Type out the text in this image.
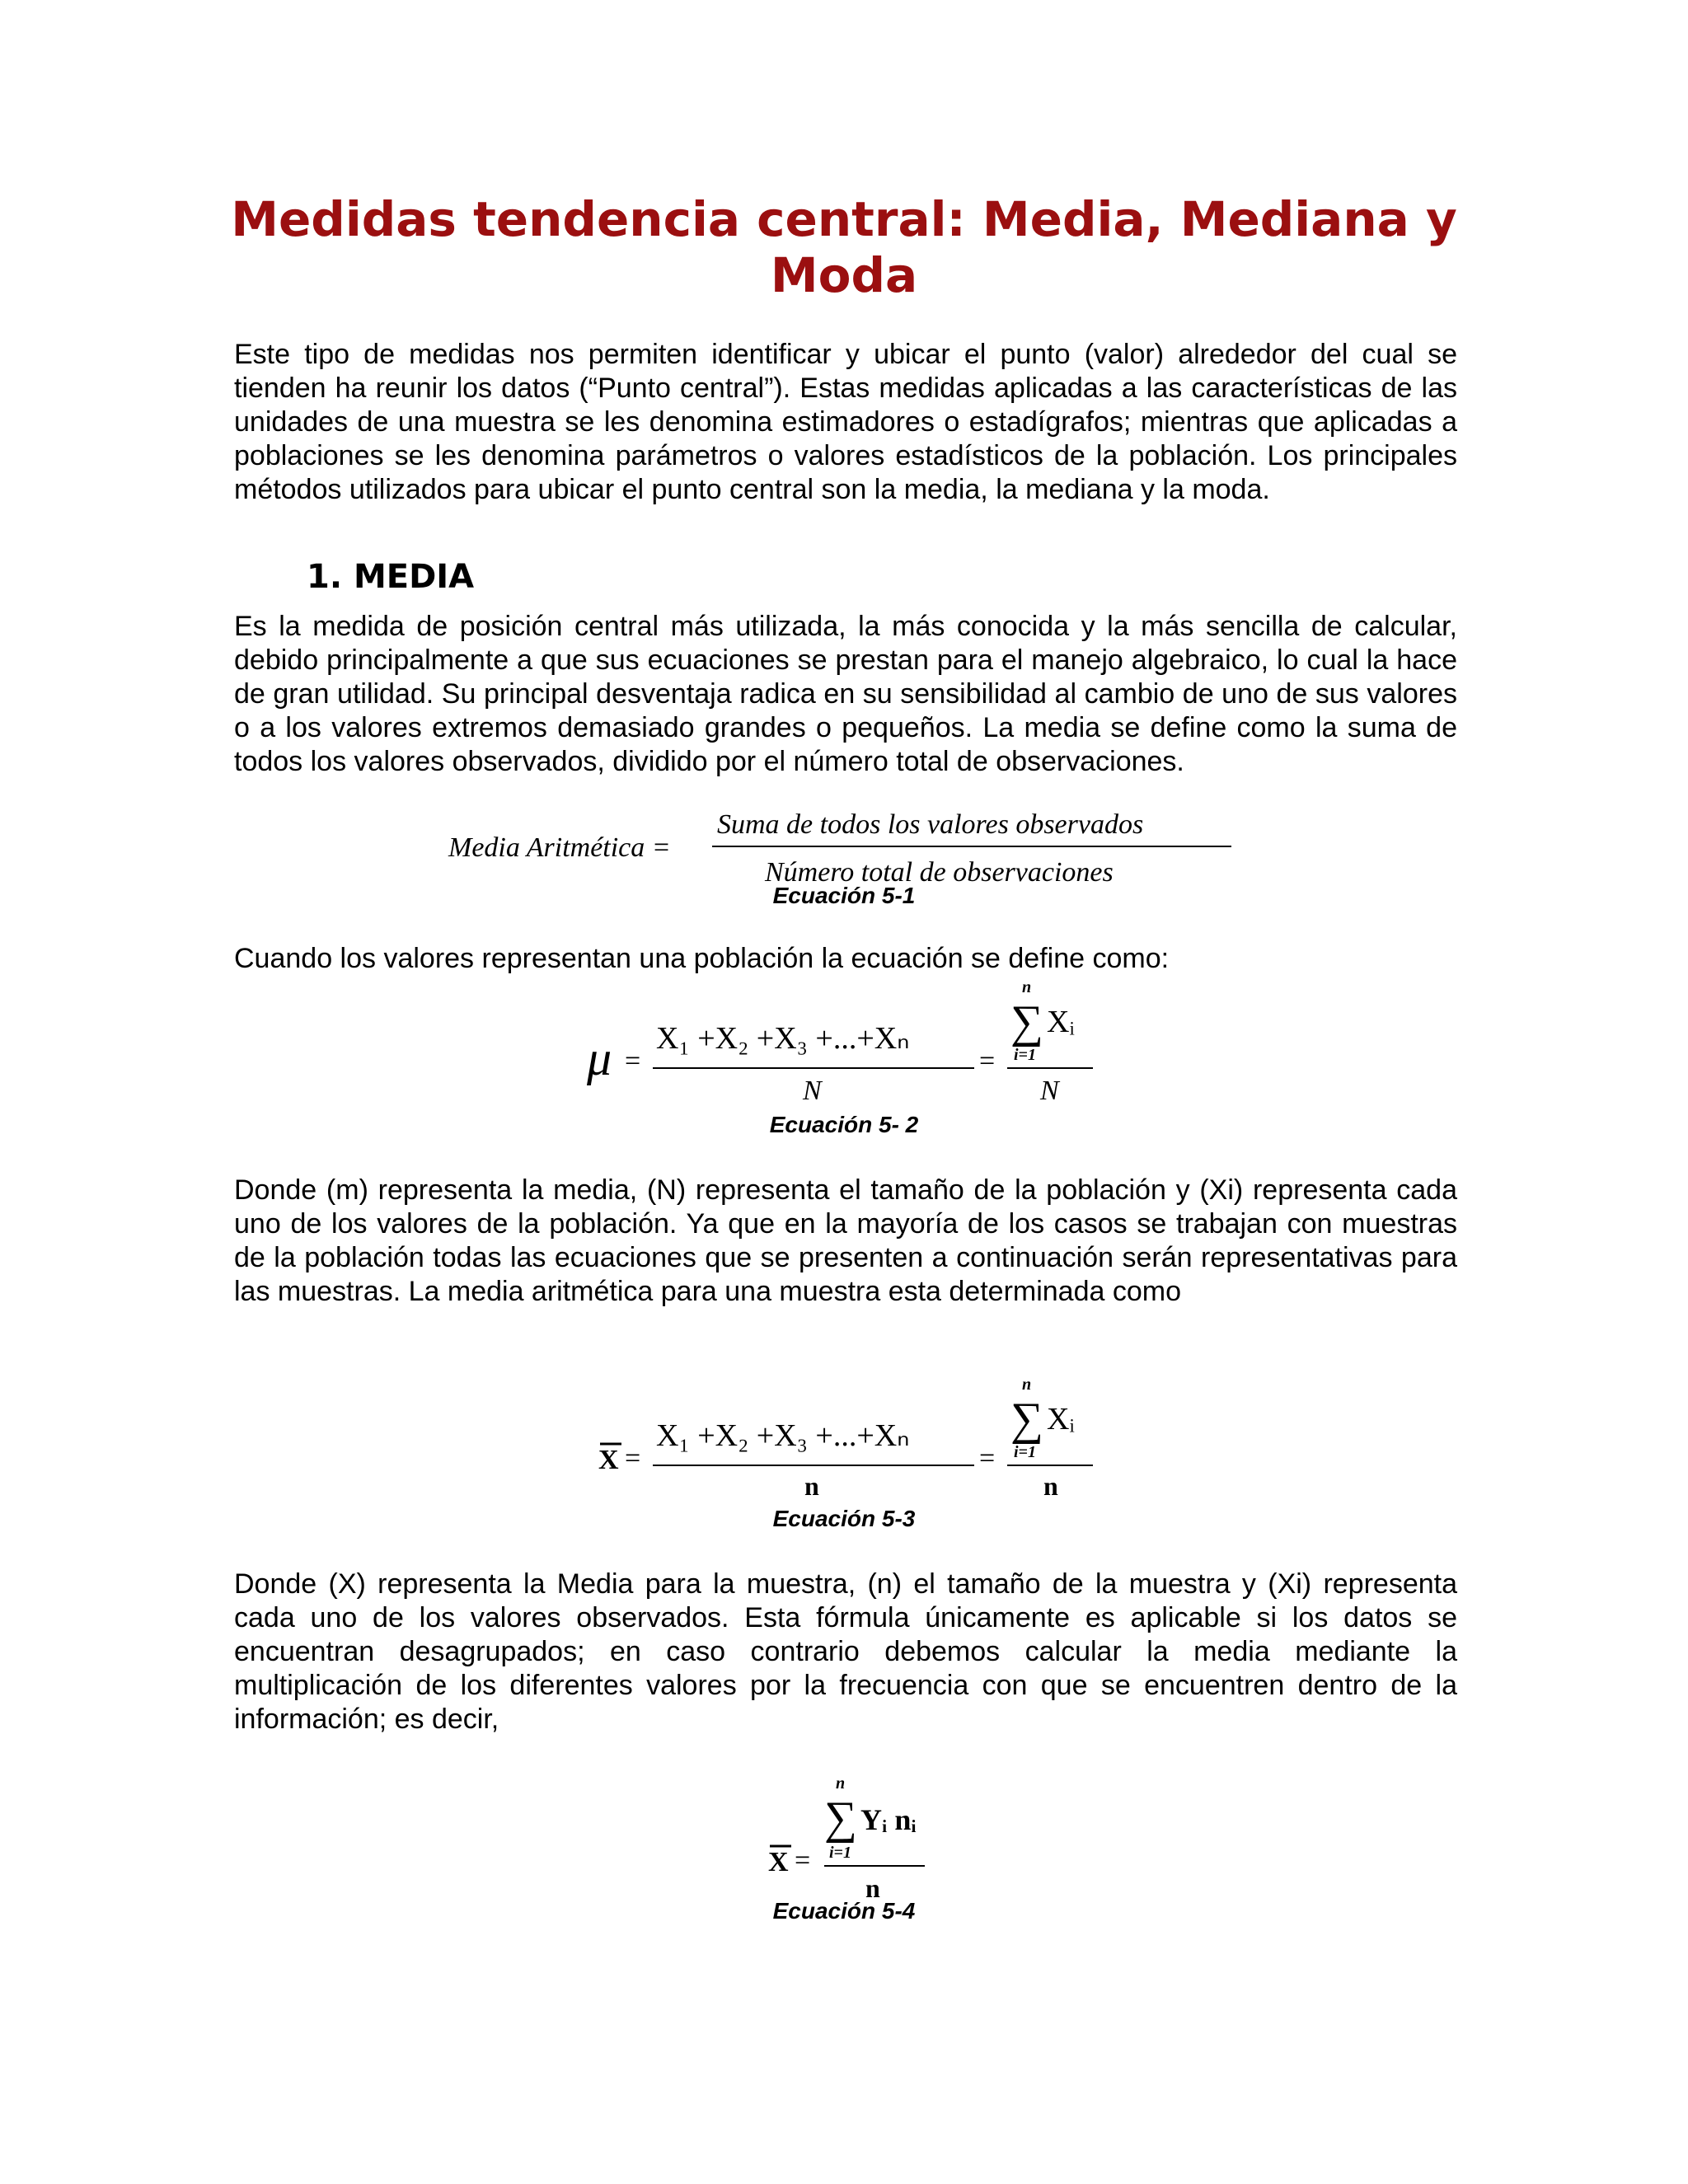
Medidas tendencia central: Media, Mediana y Moda

Este tipo de medidas nos permiten identificar y ubicar el punto (valor) alrededor del cual se tienden ha reunir los datos (“Punto central”). Estas medidas aplicadas a las características de las unidades de una muestra se les denomina estimadores o estadígrafos; mientras que aplicadas a poblaciones se les denomina parámetros o valores estadísticos de la población. Los principales métodos utilizados para ubicar el punto central son la media, la mediana y la moda.

1. MEDIA

Es la medida de posición central más utilizada, la más conocida y la más sencilla de calcular, debido principalmente a que sus ecuaciones se prestan para el manejo algebraico, lo cual la hace de gran utilidad. Su principal desventaja radica en su sensibilidad al cambio de uno de sus valores o a los valores extremos demasiado grandes o pequeños. La media se define como la suma de todos los valores observados, dividido por el número total de observaciones.

Media Aritmética =
Suma de todos los valores observados
Número total de observaciones

Ecuación 5-1

Cuando los valores representan una población la ecuación se define como:

μ =
X₁ +X₂ +X₃ +...+Xₙ
N
=
n
∑ Xᵢ
i=1
N

Ecuación 5- 2

Donde (m) representa la media, (N) representa el tamaño de la población y (Xi) representa cada uno de los valores de la población. Ya que en la mayoría de los casos se trabajan con muestras de la población todas las ecuaciones que se presenten a continuación serán representativas para las muestras. La media aritmética para una muestra esta determinada como

X =
X₁ +X₂ +X₃ +...+Xₙ
n
=
n
∑ Xᵢ
i=1
n

Ecuación 5-3

Donde (X) representa la Media para la muestra, (n) el tamaño de la muestra y (Xi) representa cada uno de los valores observados. Esta fórmula únicamente es aplicable si los datos se encuentran desagrupados; en caso contrario debemos calcular la media mediante la multiplicación de los diferentes valores por la frecuencia con que se encuentren dentro de la información; es decir,

X =
n
∑ Yᵢ nᵢ
i=1
n

Ecuación 5-4
